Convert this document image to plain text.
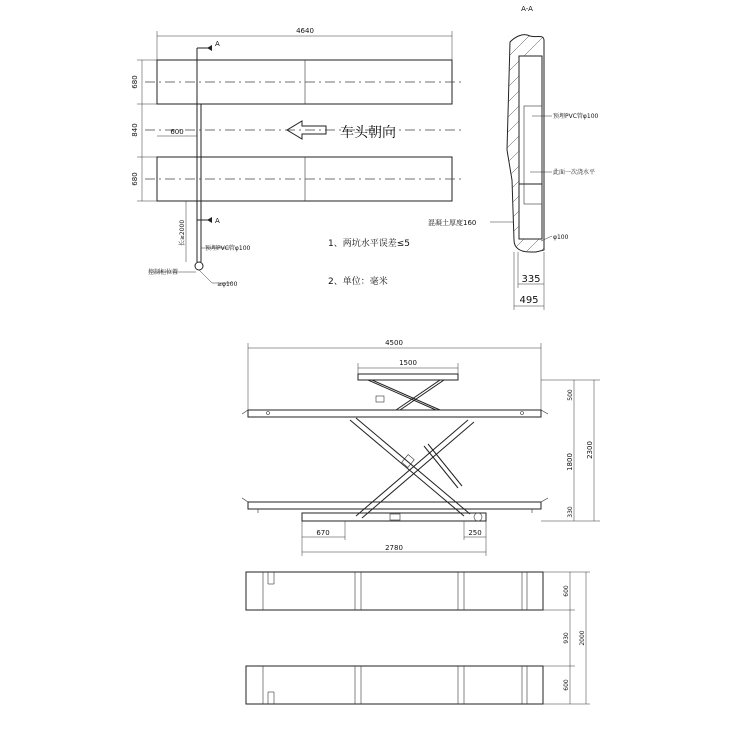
4640
680
840
680
600
A
A
长≥2000
预埋PVC管φ100
控制柜位置
≥φ100
车头朝向
1、两坑水平误差≤5
2、单位：毫米
A-A
预埋PVC管φ100
此面一次浇水平
混凝土厚度160
φ100
335
495
4500
1500
500
1800
330
2300
670	250
2780
600
930
600
2000
